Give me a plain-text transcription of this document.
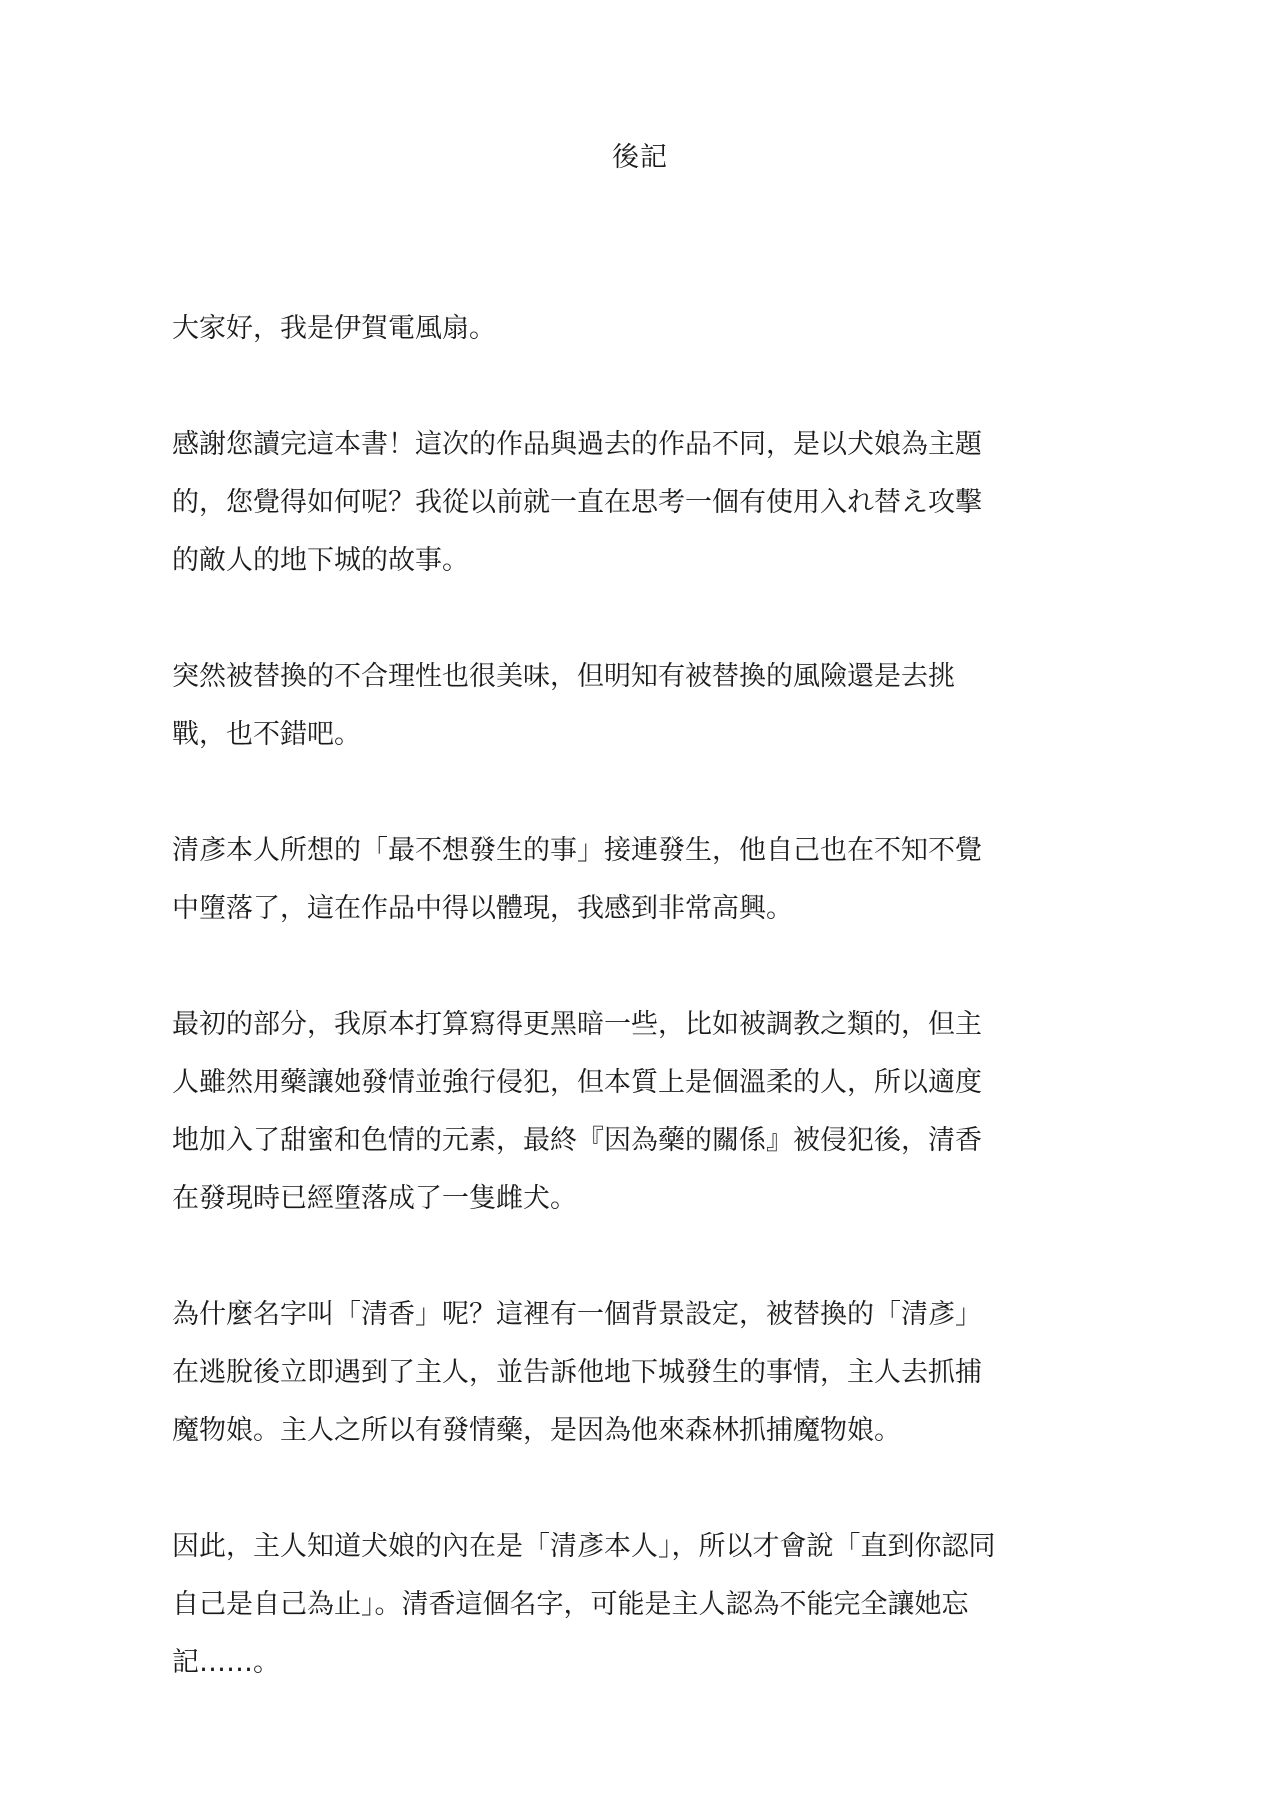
後記

大家好，我是伊賀電風扇。

感謝您讀完這本書！這次的作品與過去的作品不同，是以犬娘為主題
的，您覺得如何呢？我從以前就一直在思考一個有使用入れ替え攻擊
的敵人的地下城的故事。

突然被替換的不合理性也很美味，但明知有被替換的風險還是去挑
戰，也不錯吧。

清彥本人所想的「最不想發生的事」接連發生，他自己也在不知不覺
中墮落了，這在作品中得以體現，我感到非常高興。

最初的部分，我原本打算寫得更黑暗一些，比如被調教之類的，但主
人雖然用藥讓她發情並強行侵犯，但本質上是個溫柔的人，所以適度
地加入了甜蜜和色情的元素，最終『因為藥的關係』被侵犯後，清香
在發現時已經墮落成了一隻雌犬。

為什麼名字叫「清香」呢？這裡有一個背景設定，被替換的「清彥」
在逃脫後立即遇到了主人，並告訴他地下城發生的事情，主人去抓捕
魔物娘。主人之所以有發情藥，是因為他來森林抓捕魔物娘。

因此，主人知道犬娘的內在是「清彥本人」，所以才會說「直到你認同
自己是自己為止」。清香這個名字，可能是主人認為不能完全讓她忘
記……。
